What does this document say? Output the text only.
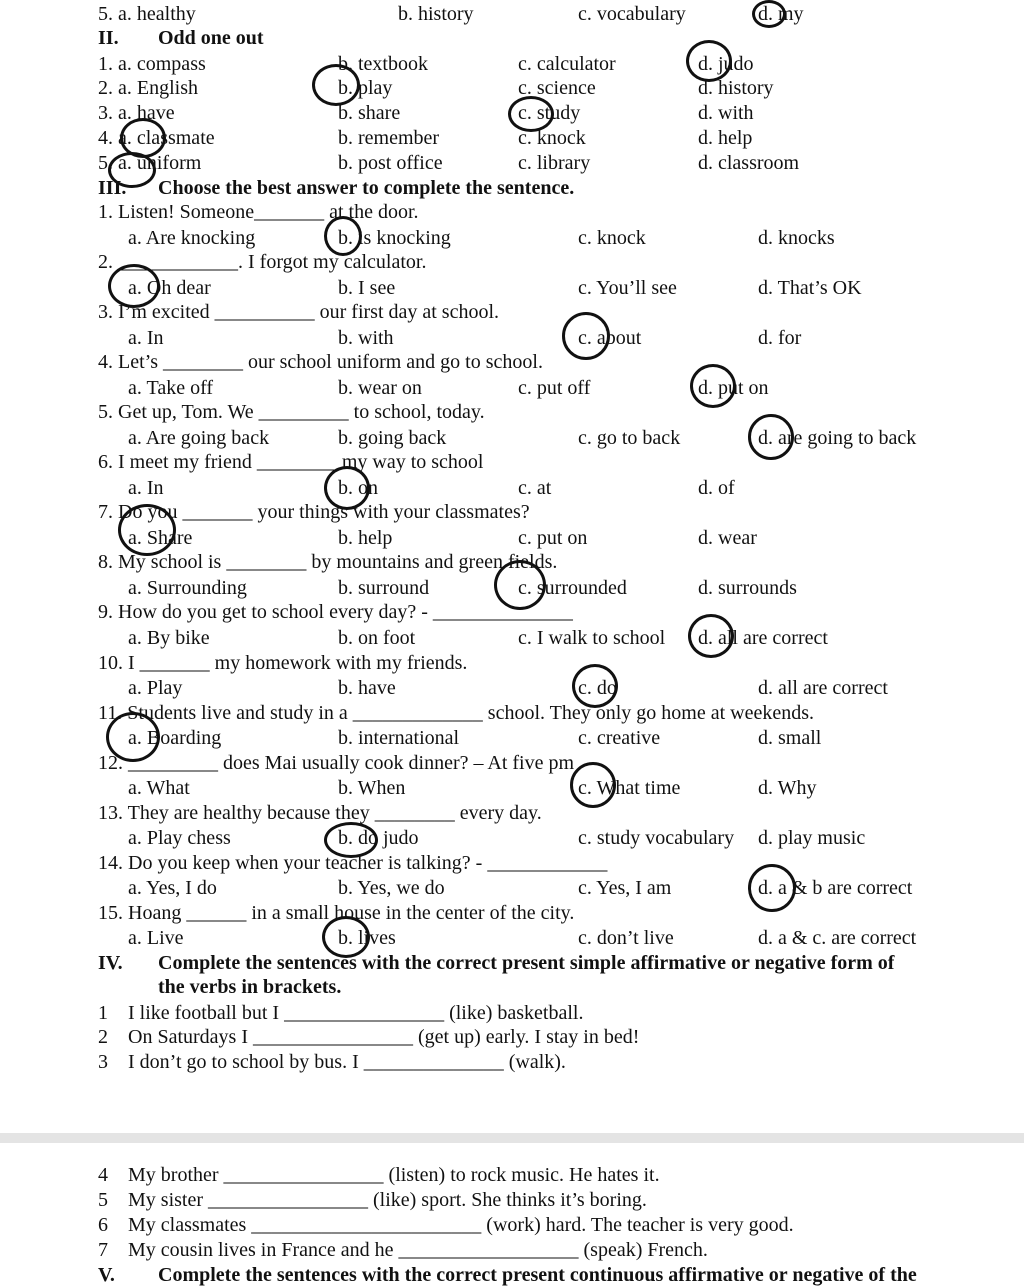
5. a. healthy	b. history	c. vocabulary	d. my
II. Odd one out
1. a. compass	b. textbook	c. calculator	d. judo
2. a. English	b. play	c. science	d. history
3. a. have	b. share	c. study	d. with
4. a. classmate	b. remember	c. knock	d. help
5. a. uniform	b. post office	c. library	d. classroom
III. Choose the best answer to complete the sentence.
1. Listen! Someone_______ at the door.
a. Are knocking	b. is knocking	c. knock	d. knocks
2. ____________. I forgot my calculator.
a. Oh dear	b. I see	c. You’ll see	d. That’s OK
3. I’m excited __________ our first day at school.
a. In	b. with	c. about	d. for
4. Let’s ________ our school uniform and go to school.
a. Take off	b. wear on	c. put off	d. put on
5. Get up, Tom. We _________ to school, today.
a. Are going back	b. going back	c. go to back	d. are going to back
6. I meet my friend ________ my way to school
a. In	b. on	c. at	d. of
7. Do you _______ your things with your classmates?
a. Share	b. help	c. put on	d. wear
8. My school is ________ by mountains and green fields.
a. Surrounding	b. surround	c. surrounded	d. surrounds
9. How do you get to school every day? - ______________
a. By bike	b. on foot	c. I walk to school d. all are correct
10. I _______ my homework with my friends.
a. Play	b. have	c. do	d. all are correct
11. Students live and study in a _____________ school. They only go home at weekends.
a. Boarding	b. international	c. creative	d. small
12. _________ does Mai usually cook dinner? – At five pm
a. What	b. When	c. What time	d. Why
13. They are healthy because they ________ every day.
a. Play chess	b. do judo	c. study vocabulary d. play music
14. Do you keep when your teacher is talking? - ____________
a. Yes, I do	b. Yes, we do	c. Yes, I am	d. a & b are correct
15. Hoang ______ in a small house in the center of the city.
a. Live	b. lives	c. don’t live	d. a & c. are correct
IV. Complete the sentences with the correct present simple affirmative or negative form of
the verbs in brackets.
1 I like football but I ________________ (like) basketball.
2 On Saturdays I ________________ (get up) early. I stay in bed!
3 I don’t go to school by bus. I ______________ (walk).
4 My brother ________________ (listen) to rock music. He hates it.
5 My sister ________________ (like) sport. She thinks it’s boring.
6 My classmates _______________________ (work) hard. The teacher is very good.
7 My cousin lives in France and he __________________ (speak) French.
V. Complete the sentences with the correct present continuous affirmative or negative of the
